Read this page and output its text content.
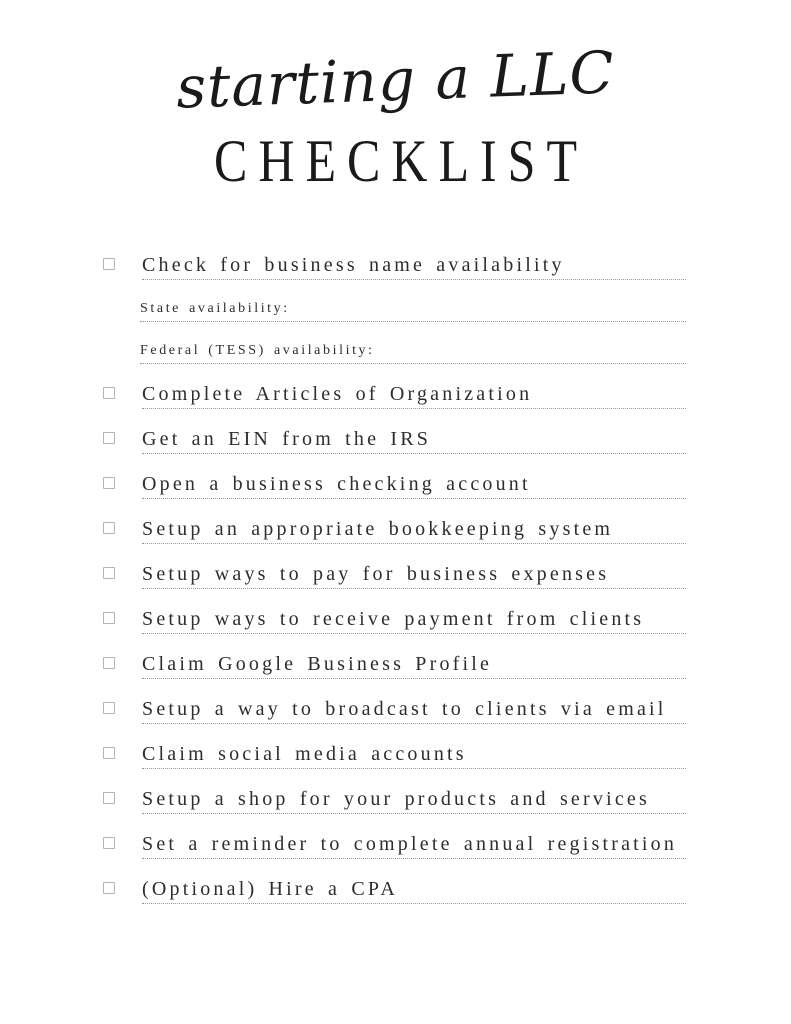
starting a LLC
CHECKLIST
Check for business name availability
State availability:
Federal (TESS) availability:
Complete Articles of Organization
Get an EIN from the IRS
Open a business checking account
Setup an appropriate bookkeeping system
Setup ways to pay for business expenses
Setup ways to receive payment from clients
Claim Google Business Profile
Setup a way to broadcast to clients via email
Claim social media accounts
Setup a shop for your products and services
Set a reminder to complete annual registration
(Optional) Hire a CPA
